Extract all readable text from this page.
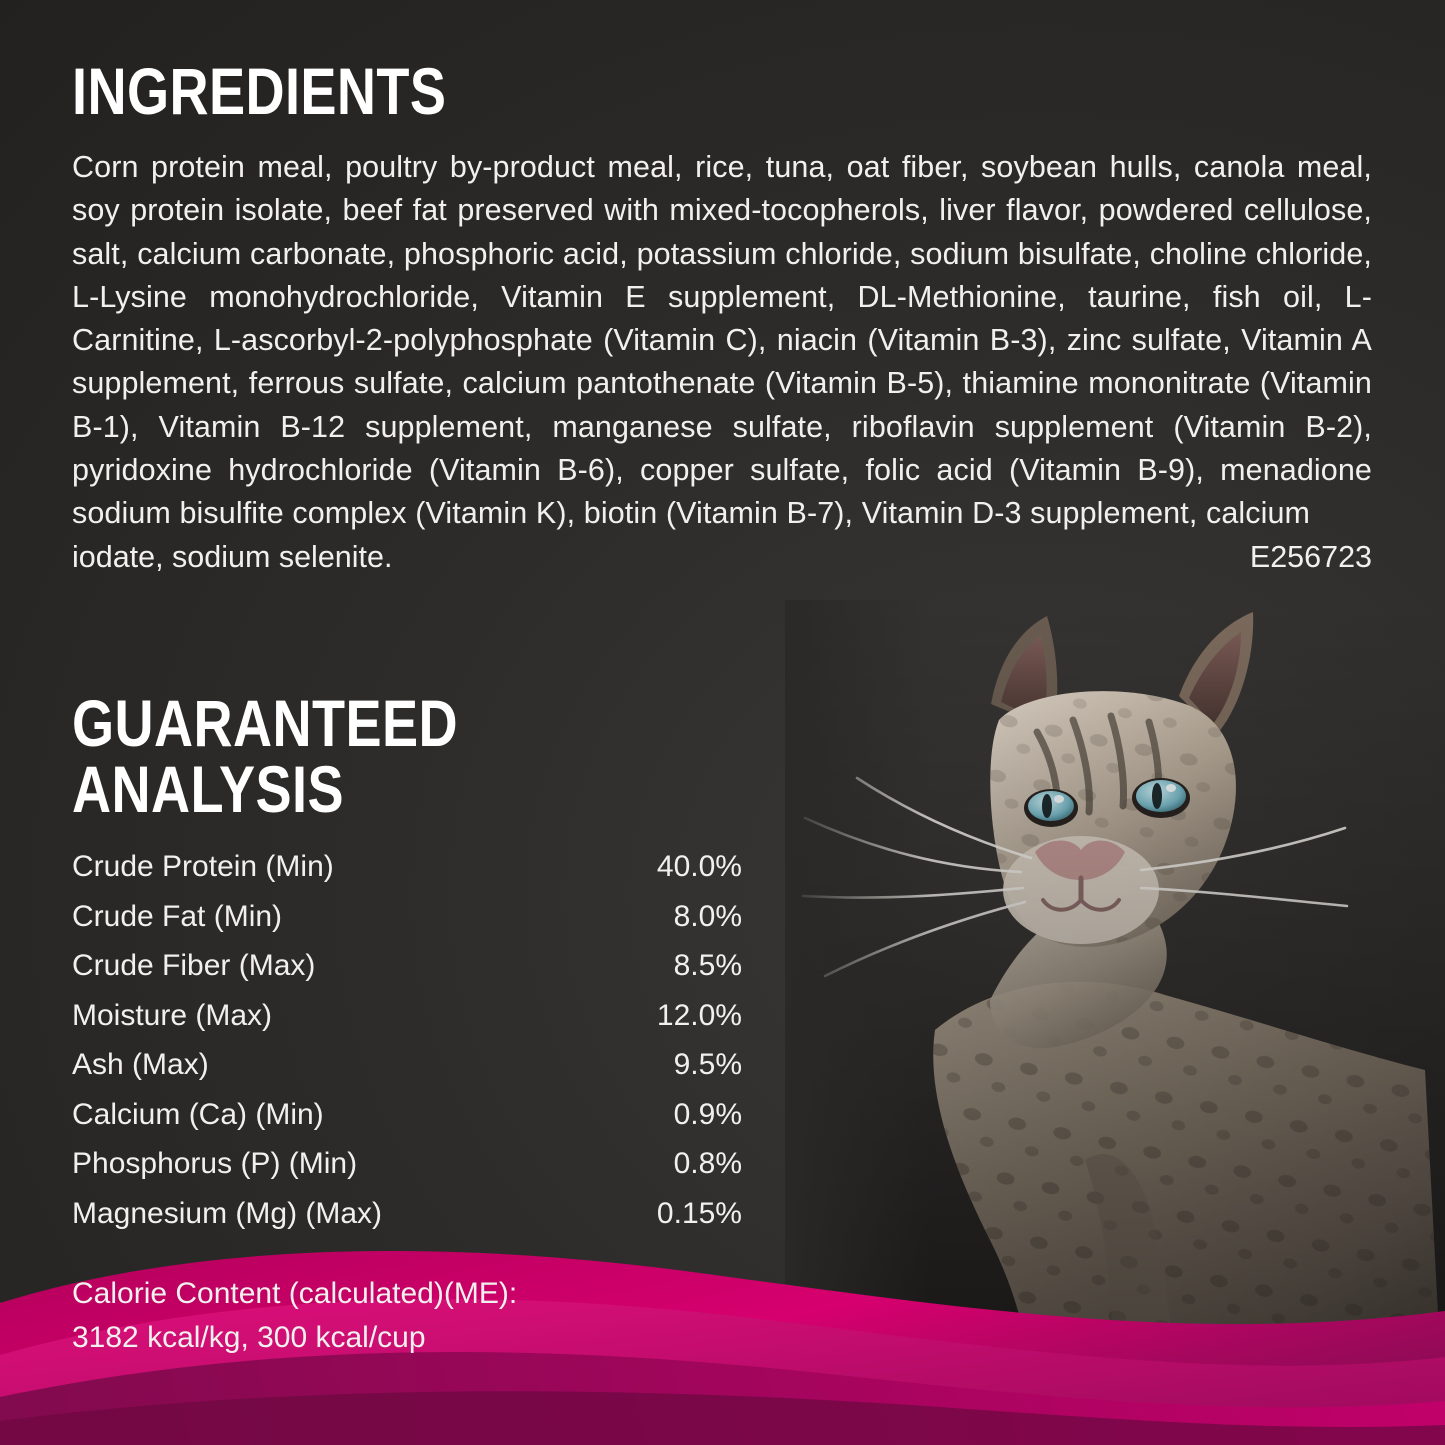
INGREDIENTS
Corn protein meal, poultry by-product meal, rice, tuna, oat fiber, soybean hulls, canola meal, soy protein isolate, beef fat preserved with mixed-tocopherols, liver flavor, powdered cellulose, salt, calcium carbonate, phosphoric acid, potassium chloride, sodium bisulfate, choline chloride, L-Lysine monohydrochloride, Vitamin E supplement, DL-Methionine, taurine, fish oil, L-Carnitine, L-ascorbyl-2-polyphosphate (Vitamin C), niacin (Vitamin B-3), zinc sulfate, Vitamin A supplement, ferrous sulfate, calcium pantothenate (Vitamin B-5), thiamine mononitrate (Vitamin B-1), Vitamin B-12 supplement, manganese sulfate, riboflavin supplement (Vitamin B-2), pyridoxine hydrochloride (Vitamin B-6), copper sulfate, folic acid (Vitamin B-9), menadione sodium bisulfite complex (Vitamin K), biotin (Vitamin B-7), Vitamin D-3 supplement, calcium
iodate, sodium selenite.	E256723
GUARANTEED ANALYSIS
Crude Protein (Min)	40.0%
Crude Fat (Min)	8.0%
Crude Fiber (Max)	8.5%
Moisture (Max)	12.0%
Ash (Max)	9.5%
Calcium (Ca) (Min)	0.9%
Phosphorus (P) (Min)	0.8%
Magnesium (Mg) (Max)	0.15%
Calorie Content (calculated)(ME):
3182 kcal/kg, 300 kcal/cup
